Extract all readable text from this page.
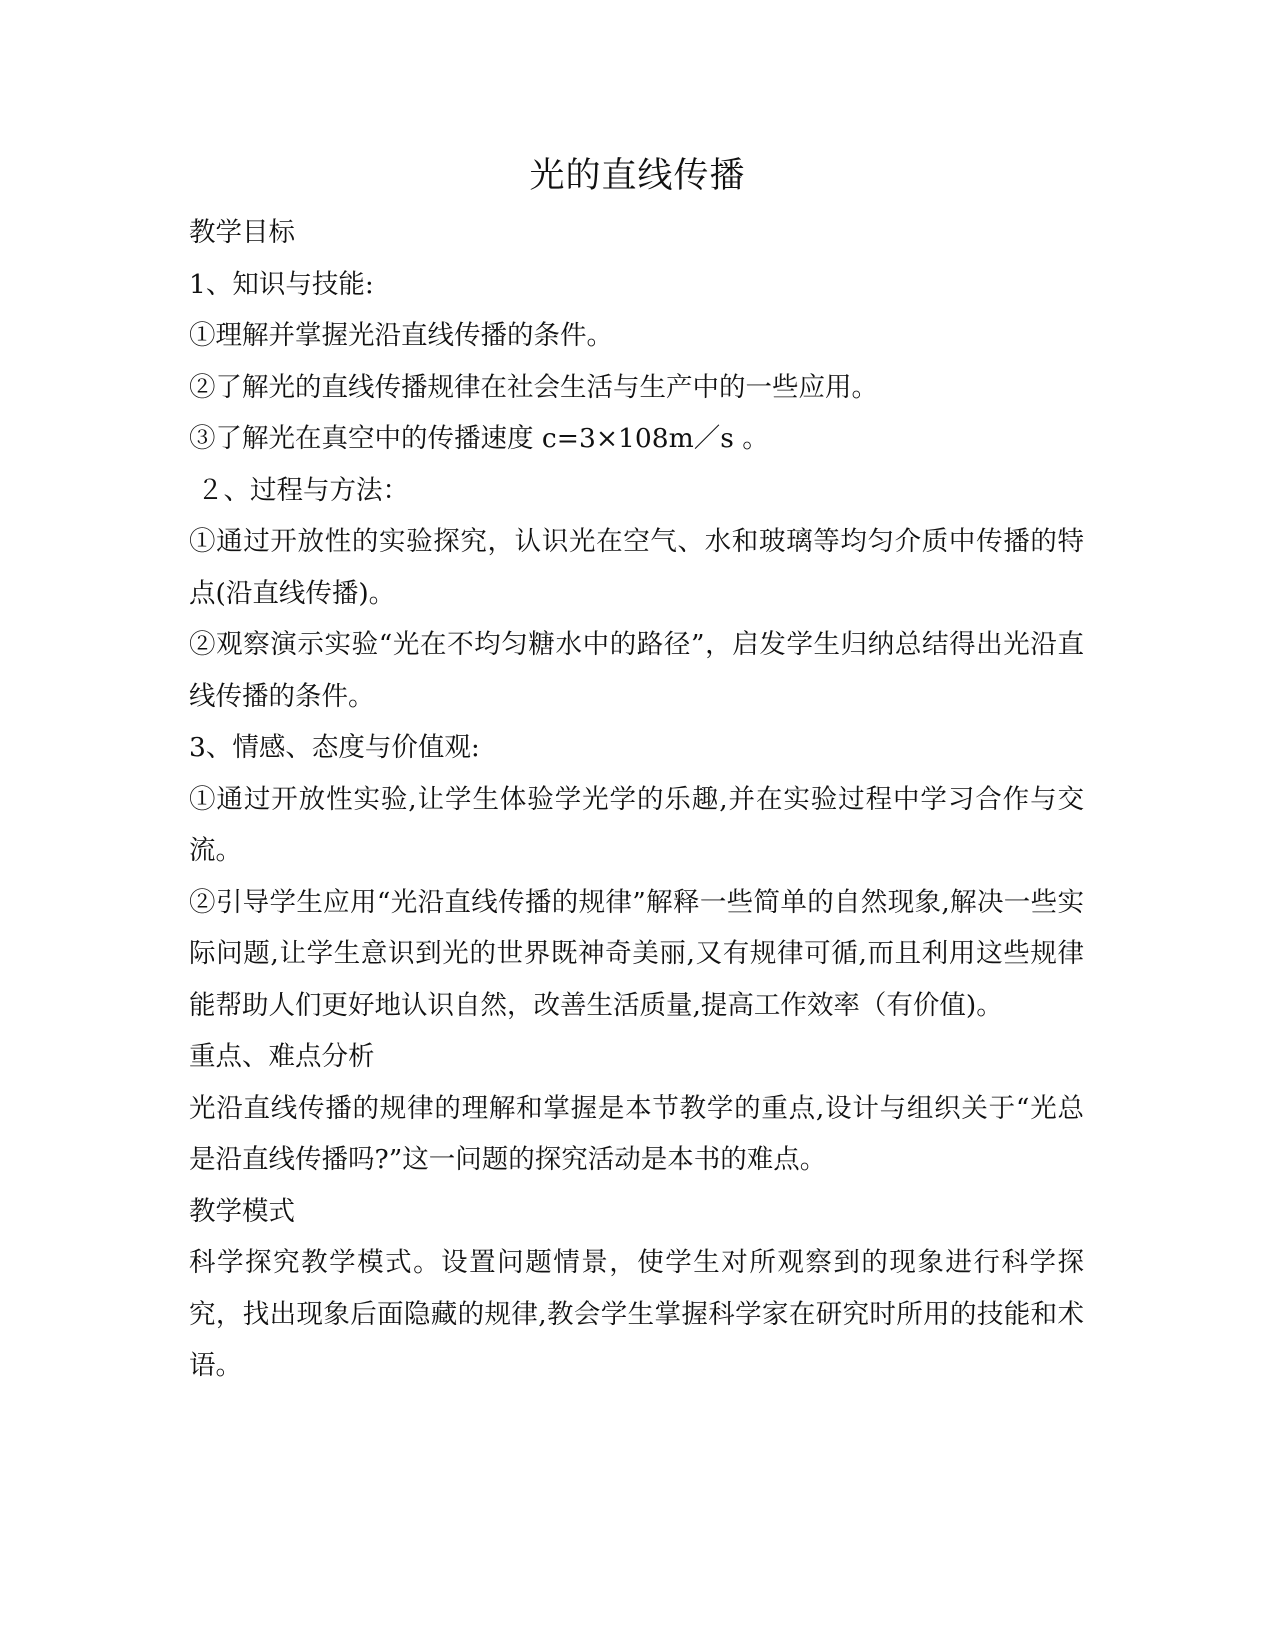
光的直线传播

教学目标

1、知识与技能:

①理解并掌握光沿直线传播的条件。

②了解光的直线传播规律在社会生活与生产中的一些应用。

③了解光在真空中的传播速度 c=3×108m／s 。

２、过程与方法：

①通过开放性的实验探究，认识光在空气、水和玻璃等均匀介质中传播的特点(沿直线传播)。

②观察演示实验“光在不均匀糖水中的路径”，启发学生归纳总结得出光沿直线传播的条件。

3、情感、态度与价值观:

①通过开放性实验,让学生体验学光学的乐趣,并在实验过程中学习合作与交流。

②引导学生应用“光沿直线传播的规律”解释一些简单的自然现象,解决一些实际问题,让学生意识到光的世界既神奇美丽,又有规律可循,而且利用这些规律能帮助人们更好地认识自然，改善生活质量,提高工作效率（有价值)。

重点、难点分析

光沿直线传播的规律的理解和掌握是本节教学的重点,设计与组织关于“光总是沿直线传播吗?”这一问题的探究活动是本书的难点。

教学模式

科学探究教学模式。设置问题情景，使学生对所观察到的现象进行科学探究，找出现象后面隐藏的规律,教会学生掌握科学家在研究时所用的技能和术语。
